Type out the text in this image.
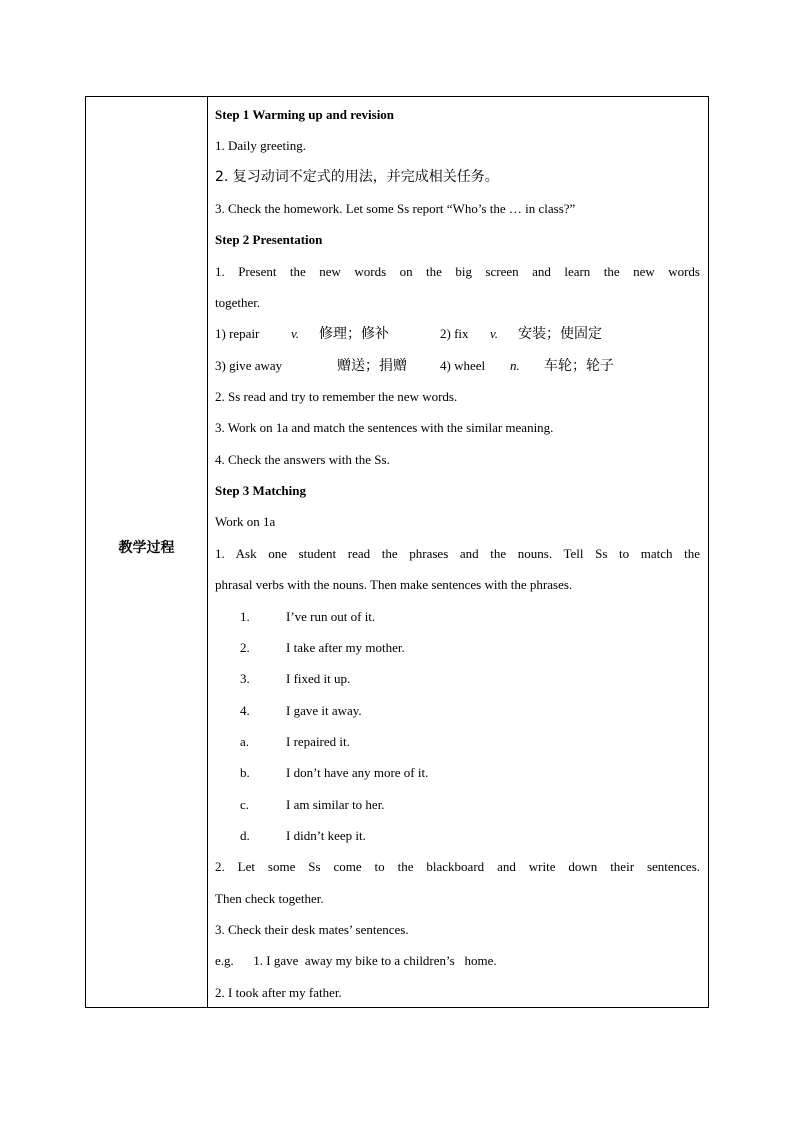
教学过程
Step 1 Warming up and revision
1. Daily greeting.
2. 复习动词不定式的用法，并完成相关任务。
3. Check the homework. Let some Ss report “Who’s the … in class?”
Step 2 Presentation
1. Present the new words on the big screen and learn the new words
together.
1) repair v. 修理；修补	2) fix v. 安装；使固定
3) give away	赠送；捐赠	4) wheel n. 车轮；轮子
2. Ss read and try to remember the new words.
3. Work on 1a and match the sentences with the similar meaning.
4. Check the answers with the Ss.
Step 3 Matching
Work on 1a
1. Ask one student read the phrases and the nouns. Tell Ss to match the
phrasal verbs with the nouns. Then make sentences with the phrases.
1.	I’ve run out of it.
2.	I take after my mother.
3.	I fixed it up.
4.	I gave it away.
a.	I repaired it.
b.	I don’t have any more of it.
c.	I am similar to her.
d.	I didn’t keep it.
2. Let some Ss come to the blackboard and write down their sentences.
Then check together.
3. Check their desk mates’ sentences.
e.g.      1. I gave  away my bike to a children’s   home.
2. I took after my father.
